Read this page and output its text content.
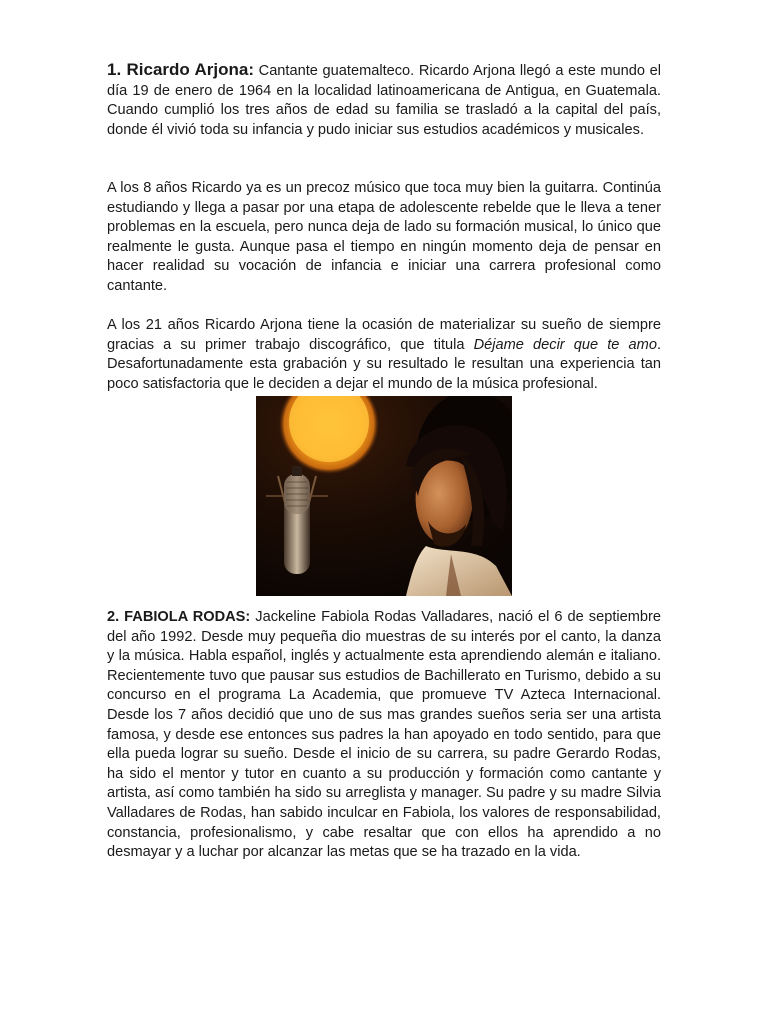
1. Ricardo Arjona: Cantante guatemalteco. Ricardo Arjona llegó a este mundo el día 19 de enero de 1964 en la localidad latinoamericana de Antigua, en Guatemala. Cuando cumplió los tres años de edad su familia se trasladó a la capital del país, donde él vivió toda su infancia y pudo iniciar sus estudios académicos y musicales.

A los 8 años Ricardo ya es un precoz músico que toca muy bien la guitarra. Continúa estudiando y llega a pasar por una etapa de adolescente rebelde que le lleva a tener problemas en la escuela, pero nunca deja de lado su formación musical, lo único que realmente le gusta. Aunque pasa el tiempo en ningún momento deja de pensar en hacer realidad su vocación de infancia e iniciar una carrera profesional como cantante.

A los 21 años Ricardo Arjona tiene la ocasión de materializar su sueño de siempre gracias a su primer trabajo discográfico, que titula Déjame decir que te amo. Desafortunadamente esta grabación y su resultado le resultan una experiencia tan poco satisfactoria que le deciden a dejar el mundo de la música profesional.

2. FABIOLA RODAS: Jackeline Fabiola Rodas Valladares, nació el 6 de septiembre del año 1992. Desde muy pequeña dio muestras de su interés por el canto, la danza y la música. Habla español, inglés y actualmente esta aprendiendo alemán e italiano. Recientemente tuvo que pausar sus estudios de Bachillerato en Turismo, debido a su concurso en el programa La Academia, que promueve TV Azteca Internacional. Desde los 7 años decidió que uno de sus mas grandes sueños seria ser una artista famosa, y desde ese entonces sus padres la han apoyado en todo sentido, para que ella pueda lograr su sueño. Desde el inicio de su carrera, su padre Gerardo Rodas, ha sido el mentor y tutor en cuanto a su producción y formación como cantante y artista, así como también ha sido su arreglista y manager. Su padre y su madre Silvia Valladares de Rodas, han sabido inculcar en Fabiola, los valores de responsabilidad, constancia, profesionalismo, y cabe resaltar que con ellos ha aprendido a no desmayar y a luchar por alcanzar las metas que se ha trazado en la vida.
